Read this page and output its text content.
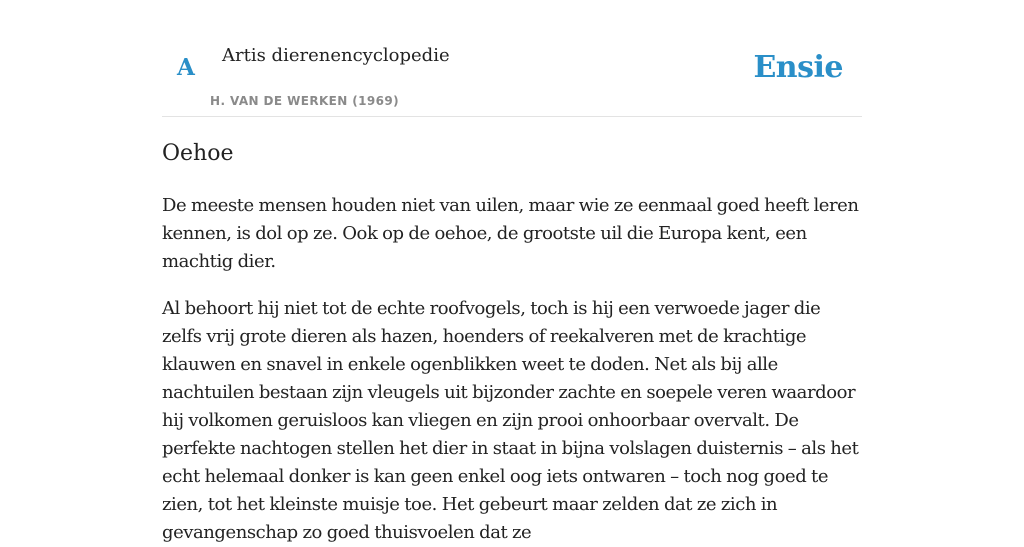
A Artis dierenencyclopedie
H. VAN DE WERKEN (1969)
Ensie
Oehoe

De meeste mensen houden niet van uilen, maar wie ze eenmaal goed heeft leren kennen, is dol op ze. Ook op de oehoe, de grootste uil die Europa kent, een machtig dier.

Al behoort hij niet tot de echte roofvogels, toch is hij een verwoede jager die zelfs vrij grote dieren als hazen, hoenders of reekalveren met de krachtige klauwen en snavel in enkele ogenblikken weet te doden. Net als bij alle nachtuilen bestaan zijn vleugels uit bijzonder zachte en soepele veren waardoor hij volkomen geruisloos kan vliegen en zijn prooi onhoorbaar overvalt. De perfekte nachtogen stellen het dier in staat in bijna volslagen duisternis – als het echt helemaal donker is kan geen enkel oog iets ontwaren – toch nog goed te zien, tot het kleinste muisje toe. Het gebeurt maar zelden dat ze zich in gevangenschap zo goed thuisvoelen dat ze
